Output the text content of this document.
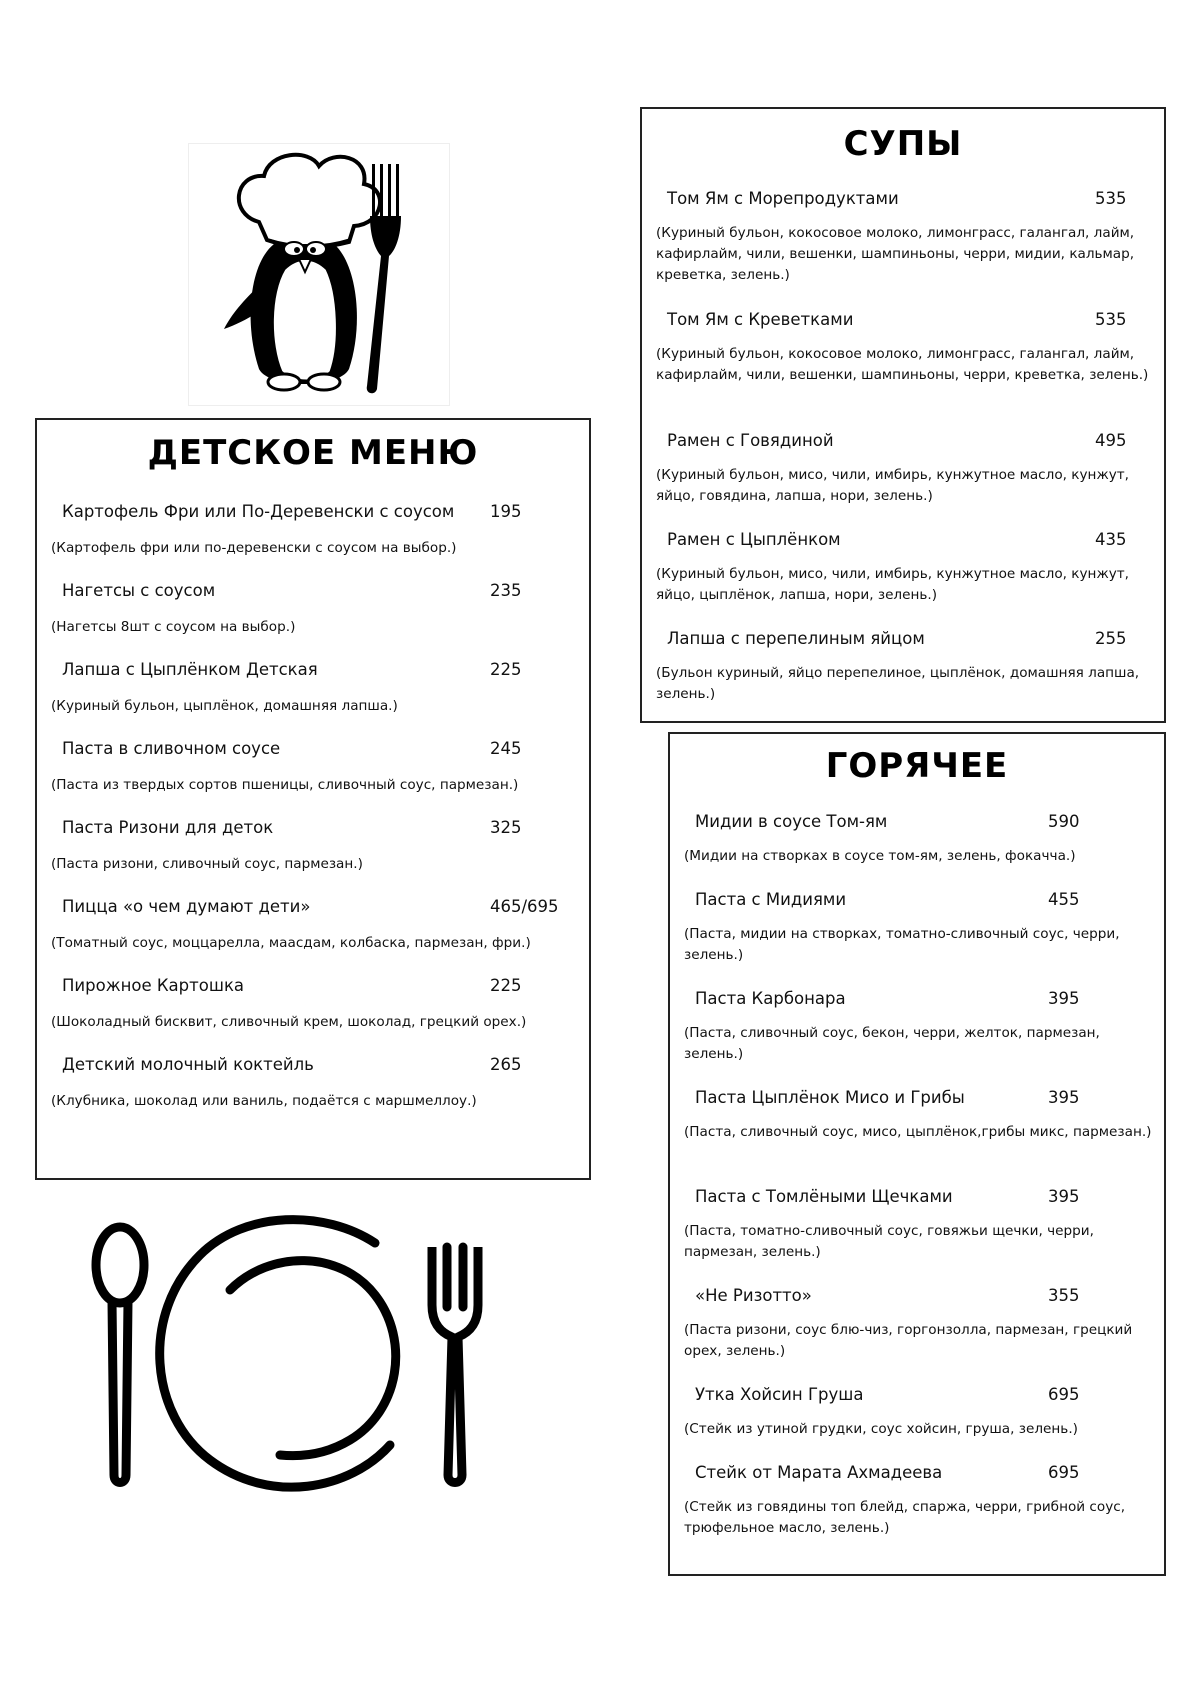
ДЕТСКОЕ МЕНЮ
Картофель Фри или По-Деревенски с соусом 195
(Картофель фри или по-деревенски с соусом на выбор.)
Нагетсы с соусом	235
(Нагетсы 8шт с соусом на выбор.)
Лапша с Цыплёнком Детская	225
(Куриный бульон, цыплёнок, домашняя лапша.)
Паста в сливочном соусе	245
(Паста из твердых сортов пшеницы, сливочный соус, пармезан.)
Паста Ризони для деток	325
(Паста ризони, сливочный соус, пармезан.)
Пицца «о чем думают дети»	465/695
(Томатный соус, моццарелла, маасдам, колбаска, пармезан, фри.)
Пирожное Картошка	225
(Шоколадный бисквит, сливочный крем, шоколад, грецкий орех.)
Детский молочный коктейль	265
(Клубника, шоколад или ваниль, подаётся с маршмеллоу.)
СУПЫ
Том Ям с Морепродуктами	535
(Куриный бульон, кокосовое молоко, лимонграсс, галангал, лайм, кафирлайм, чили, вешенки, шампиньоны, черри, мидии, кальмар, креветка, зелень.)
Том Ям с Креветками	535
(Куриный бульон, кокосовое молоко, лимонграсс, галангал, лайм, кафирлайм, чили, вешенки, шампиньоны, черри, креветка, зелень.)
Рамен с Говядиной	495
(Куриный бульон, мисо, чили, имбирь, кунжутное масло, кунжут, яйцо, говядина, лапша, нори, зелень.)
Рамен с Цыплёнком	435
(Куриный бульон, мисо, чили, имбирь, кунжутное масло, кунжут, яйцо, цыплёнок, лапша, нори, зелень.)
Лапша с перепелиным яйцом	255
(Бульон куриный, яйцо перепелиное, цыплёнок, домашняя лапша, зелень.)
ГОРЯЧЕЕ
Мидии в соусе Том-ям	590
(Мидии на створках в соусе том-ям, зелень, фокачча.)
Паста с Мидиями	455
(Паста, мидии на створках, томатно-сливочный соус, черри, зелень.)
Паста Карбонара	395
(Паста, сливочный соус, бекон, черри, желток, пармезан, зелень.)
Паста Цыплёнок Мисо и Грибы	395
(Паста, сливочный соус, мисо, цыплёнок,грибы микс, пармезан.)
Паста с Томлёными Щечками	395
(Паста, томатно-сливочный соус, говяжьи щечки, черри, пармезан, зелень.)
«Не Ризотто»	355
(Паста ризони, соус блю-чиз, горгонзолла, пармезан, грецкий орех, зелень.)
Утка Хойсин Груша	695
(Стейк из утиной грудки, соус хойсин, груша, зелень.)
Стейк от Марата Ахмадеева	695
(Стейк из говядины топ блейд, спаржа, черри, грибной соус, трюфельное масло, зелень.)
